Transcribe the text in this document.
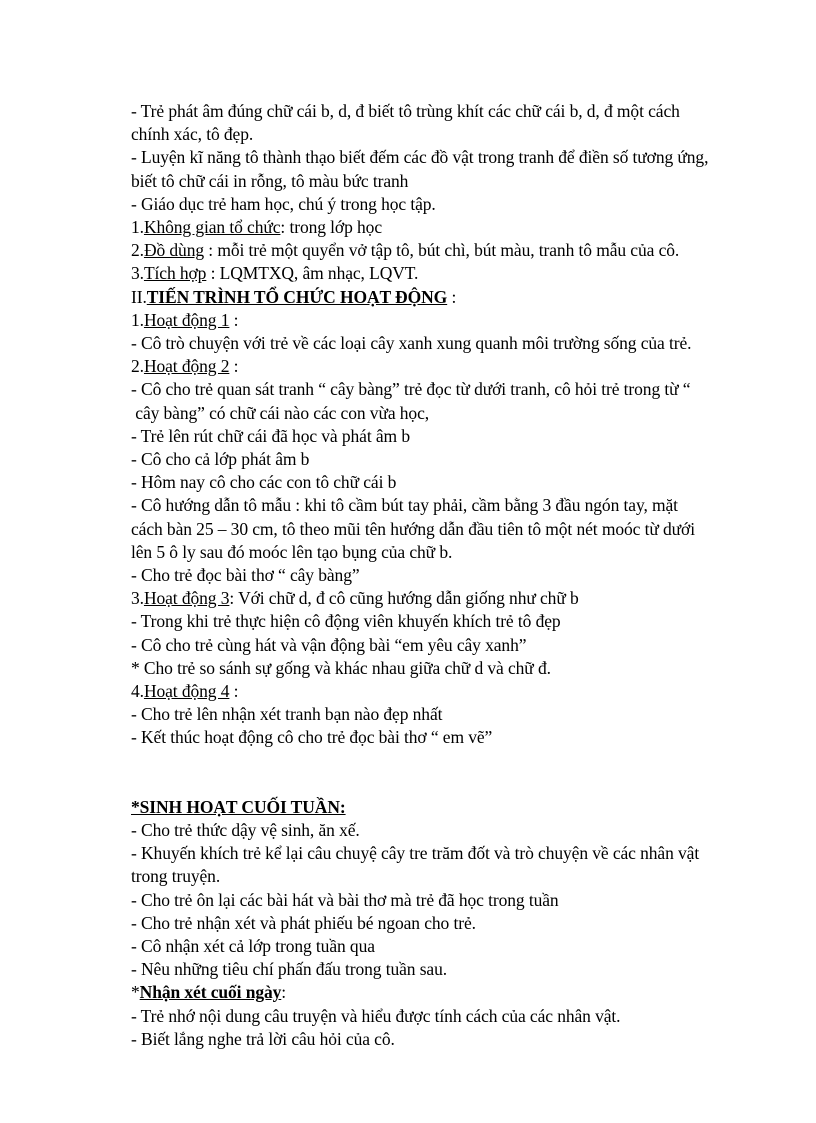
- Trẻ phát âm đúng chữ cái b, d, đ biết tô trùng khít các chữ cái b, d, đ một cách
chính xác, tô đẹp.
- Luyện kĩ năng tô thành thạo biết đếm các đồ vật trong tranh để điền số tương ứng,
biết tô chữ cái in rỗng, tô màu bức tranh
- Giáo dục trẻ ham học, chú ý trong học tập.
1.Không gian tổ chức: trong lớp học
2.Đồ dùng : mỗi trẻ một quyển vở tập tô, bút chì, bút màu, tranh tô mẫu của cô.
3.Tích hợp : LQMTXQ, âm nhạc, LQVT.
II.TIẾN TRÌNH TỔ CHỨC HOẠT ĐỘNG :
1.Hoạt động 1 :
- Cô trò chuyện với trẻ về các loại cây xanh xung quanh môi trường sống của trẻ.
2.Hoạt động 2 :
- Cô cho trẻ quan sát tranh “ cây bàng” trẻ đọc từ dưới tranh, cô hỏi trẻ trong từ “
cây bàng” có chữ cái nào các con vừa học,
- Trẻ lên rút chữ cái đã học và phát âm b
- Cô cho cả lớp phát âm b
- Hôm nay cô cho các con tô chữ cái b
- Cô hướng dẫn tô mẫu : khi tô cầm bút tay phải, cầm bằng 3 đầu ngón tay, mặt
cách bàn 25 – 30 cm, tô theo mũi tên hướng dẫn đầu tiên tô một nét moóc từ dưới
lên 5 ô ly sau đó moóc lên tạo bụng của chữ b.
- Cho trẻ đọc bài thơ “ cây bàng”
3.Hoạt động 3: Với chữ d, đ cô cũng hướng dẫn giống như chữ b
- Trong khi trẻ thực hiện cô động viên khuyến khích trẻ tô đẹp
- Cô cho trẻ cùng hát và vận động bài “em yêu cây xanh”
* Cho trẻ so sánh sự gống và khác nhau giữa chữ d và chữ đ.
4.Hoạt động 4 :
- Cho trẻ lên nhận xét tranh bạn nào đẹp nhất
- Kết thúc hoạt động cô cho trẻ đọc bài thơ “ em vẽ”
*SINH HOẠT CUỐI TUẦN:
- Cho trẻ thức dậy vệ sinh, ăn xế.
- Khuyến khích trẻ kể lại câu chuyệ cây tre trăm đốt và trò chuyện về các nhân vật
trong truyện.
- Cho trẻ ôn lại các bài hát và bài thơ mà trẻ đã học trong tuần
- Cho trẻ nhận xét và phát phiếu bé ngoan cho trẻ.
- Cô nhận xét cả lớp trong tuần qua
- Nêu những tiêu chí phấn đấu trong tuần sau.
*Nhận xét cuối ngày:
- Trẻ nhớ nội dung câu truyện và hiểu được tính cách của các nhân vật.
- Biết lắng nghe trả lời câu hỏi của cô.
